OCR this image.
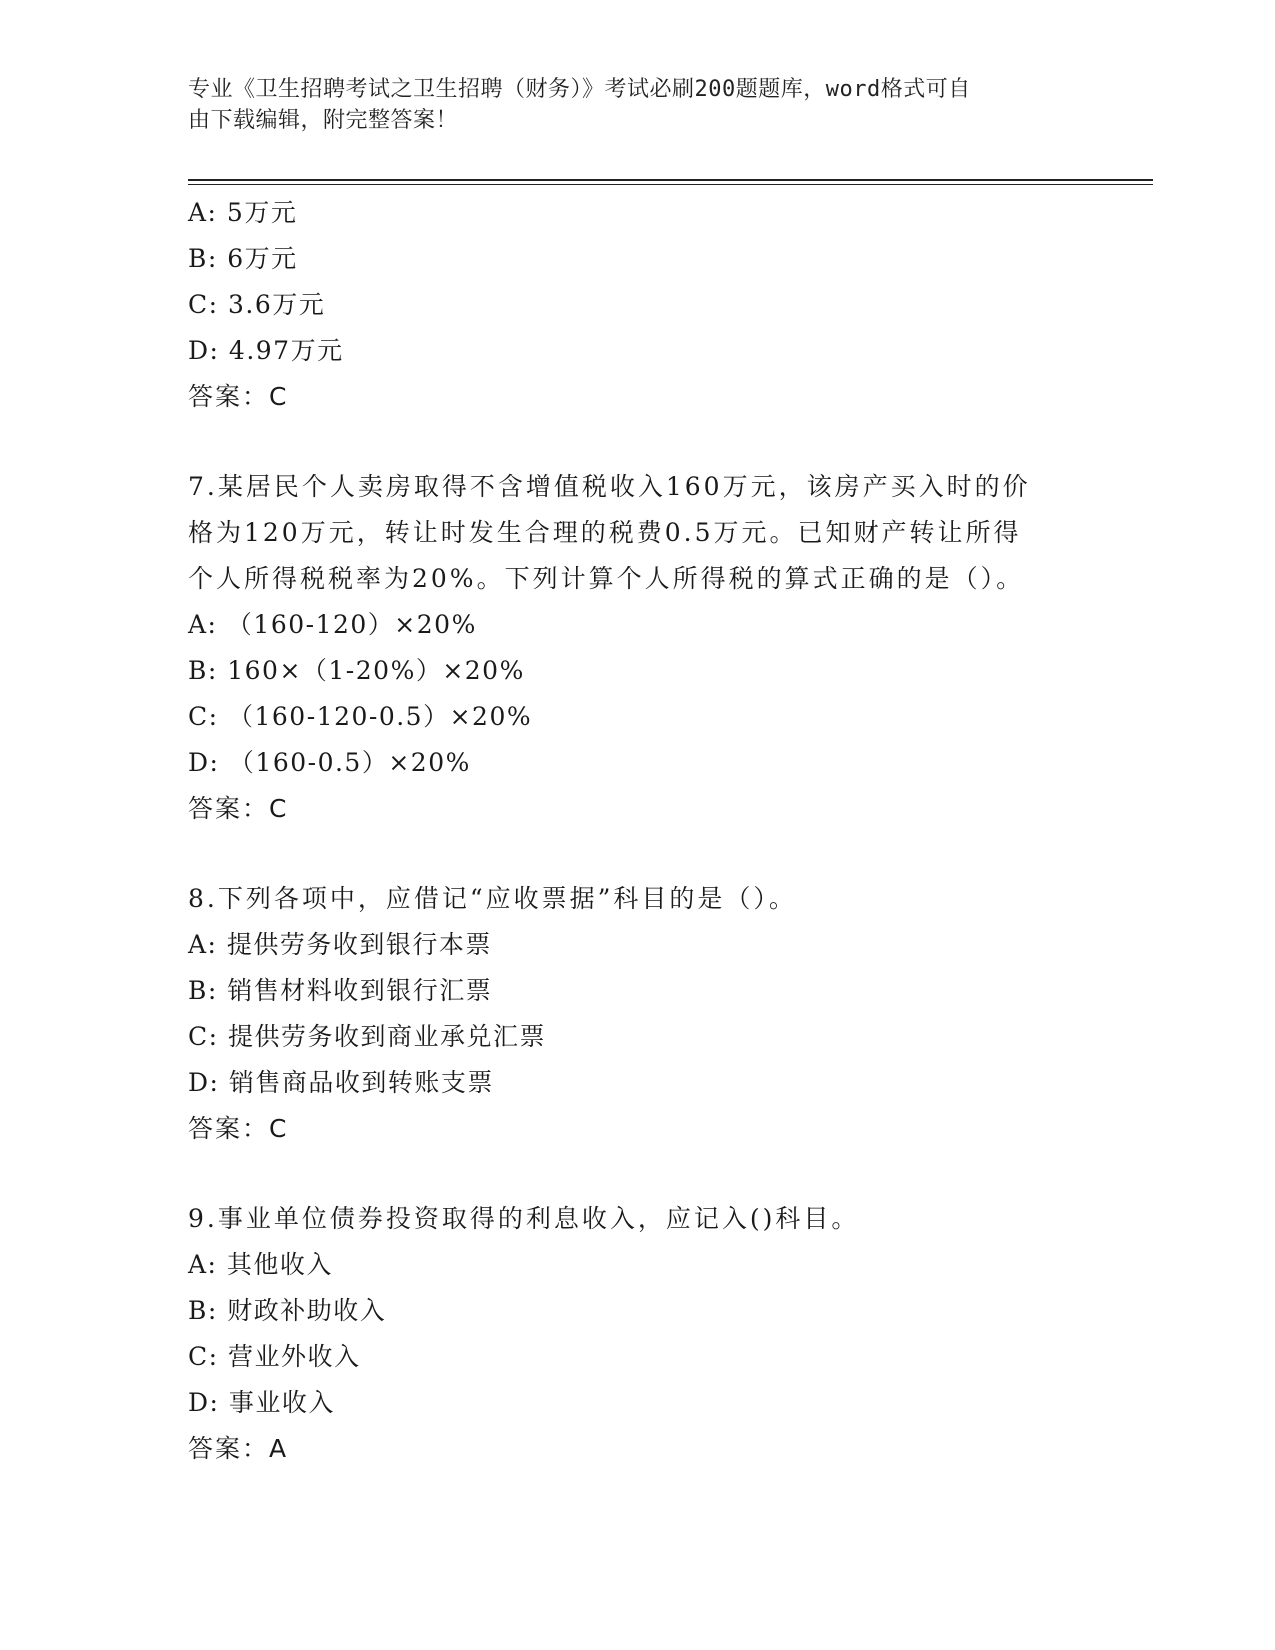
专业《卫生招聘考试之卫生招聘（财务）》考试必刷200题题库，word格式可自
由下载编辑，附完整答案！
A: 5万元
B: 6万元
C: 3.6万元
D: 4.97万元
答案：C
7.某居民个人卖房取得不含增值税收入160万元，该房产买入时的价
格为120万元，转让时发生合理的税费0.5万元。已知财产转让所得
个人所得税税率为20%。下列计算个人所得税的算式正确的是（）。
A: （160-120）×20%
B: 160×（1-20%）×20%
C: （160-120-0.5）×20%
D: （160-0.5）×20%
答案：C
8.下列各项中，应借记“应收票据”科目的是（）。
A: 提供劳务收到银行本票
B: 销售材料收到银行汇票
C: 提供劳务收到商业承兑汇票
D: 销售商品收到转账支票
答案：C
9.事业单位债券投资取得的利息收入，应记入()科目。
A: 其他收入
B: 财政补助收入
C: 营业外收入
D: 事业收入
答案：A
